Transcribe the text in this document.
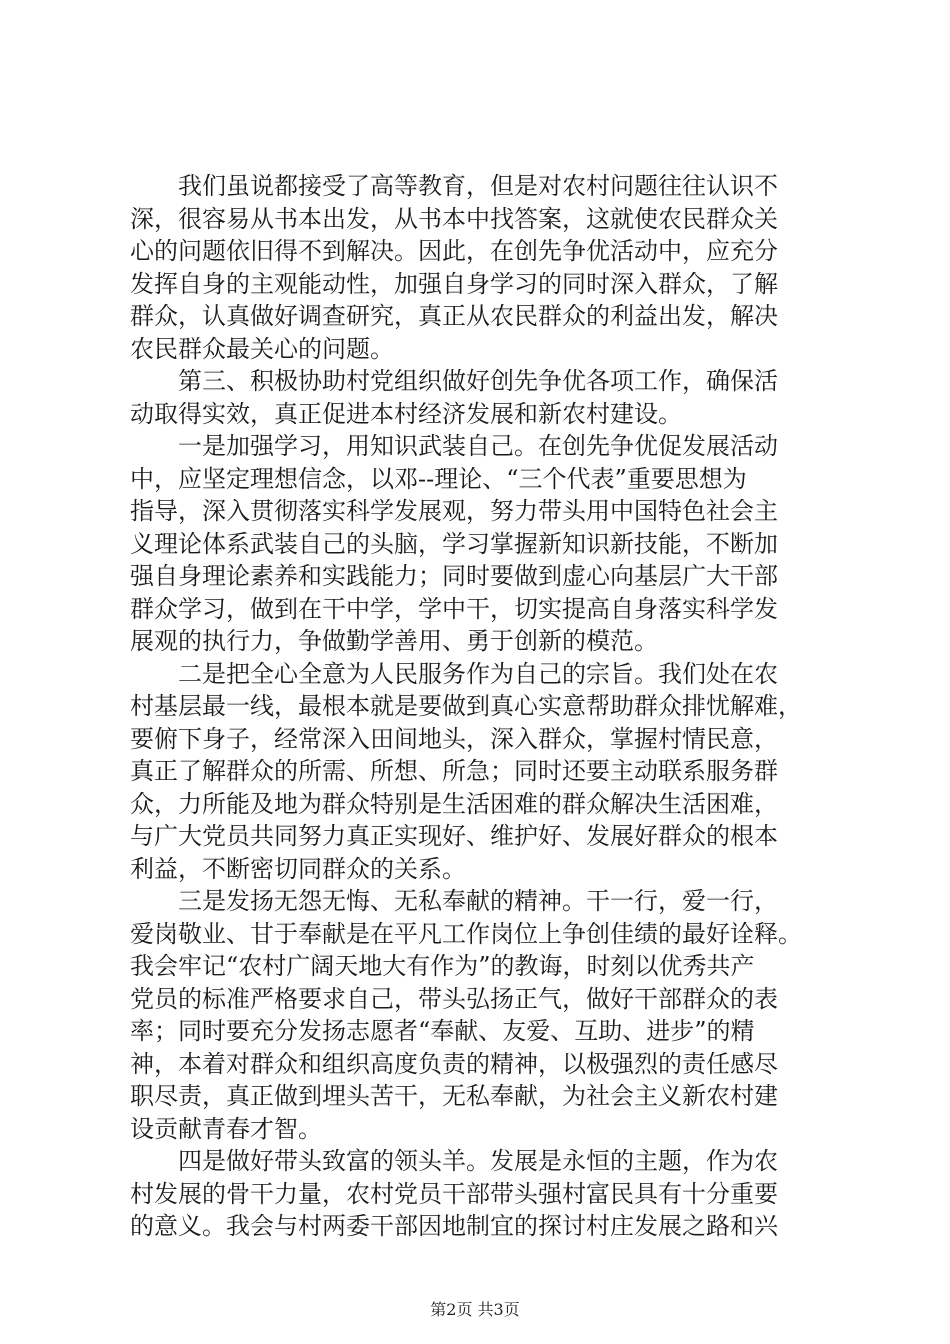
　　我们虽说都接受了高等教育，但是对农村问题往往认识不
深，很容易从书本出发，从书本中找答案，这就使农民群众关
心的问题依旧得不到解决。因此，在创先争优活动中，应充分
发挥自身的主观能动性，加强自身学习的同时深入群众，了解
群众，认真做好调查研究，真正从农民群众的利益出发，解决
农民群众最关心的问题。

　　第三、积极协助村党组织做好创先争优各项工作，确保活
动取得实效，真正促进本村经济发展和新农村建设。

　　一是加强学习，用知识武装自己。在创先争优促发展活动
中，应坚定理想信念，以邓--理论、“三个代表”重要思想为
指导，深入贯彻落实科学发展观，努力带头用中国特色社会主
义理论体系武装自己的头脑，学习掌握新知识新技能，不断加
强自身理论素养和实践能力；同时要做到虚心向基层广大干部
群众学习，做到在干中学，学中干，切实提高自身落实科学发
展观的执行力，争做勤学善用、勇于创新的模范。

　　二是把全心全意为人民服务作为自己的宗旨。我们处在农
村基层最一线，最根本就是要做到真心实意帮助群众排忧解难，
要俯下身子，经常深入田间地头，深入群众，掌握村情民意，
真正了解群众的所需、所想、所急；同时还要主动联系服务群
众，力所能及地为群众特别是生活困难的群众解决生活困难，
与广大党员共同努力真正实现好、维护好、发展好群众的根本
利益，不断密切同群众的关系。

　　三是发扬无怨无悔、无私奉献的精神。干一行，爱一行，
爱岗敬业、甘于奉献是在平凡工作岗位上争创佳绩的最好诠释。
我会牢记“农村广阔天地大有作为”的教诲，时刻以优秀共产
党员的标准严格要求自己，带头弘扬正气，做好干部群众的表
率；同时要充分发扬志愿者“奉献、友爱、互助、进步”的精
神，本着对群众和组织高度负责的精神，以极强烈的责任感尽
职尽责，真正做到埋头苦干，无私奉献，为社会主义新农村建
设贡献青春才智。

　　四是做好带头致富的领头羊。发展是永恒的主题，作为农
村发展的骨干力量，农村党员干部带头强村富民具有十分重要
的意义。我会与村两委干部因地制宜的探讨村庄发展之路和兴

第2页 共3页
